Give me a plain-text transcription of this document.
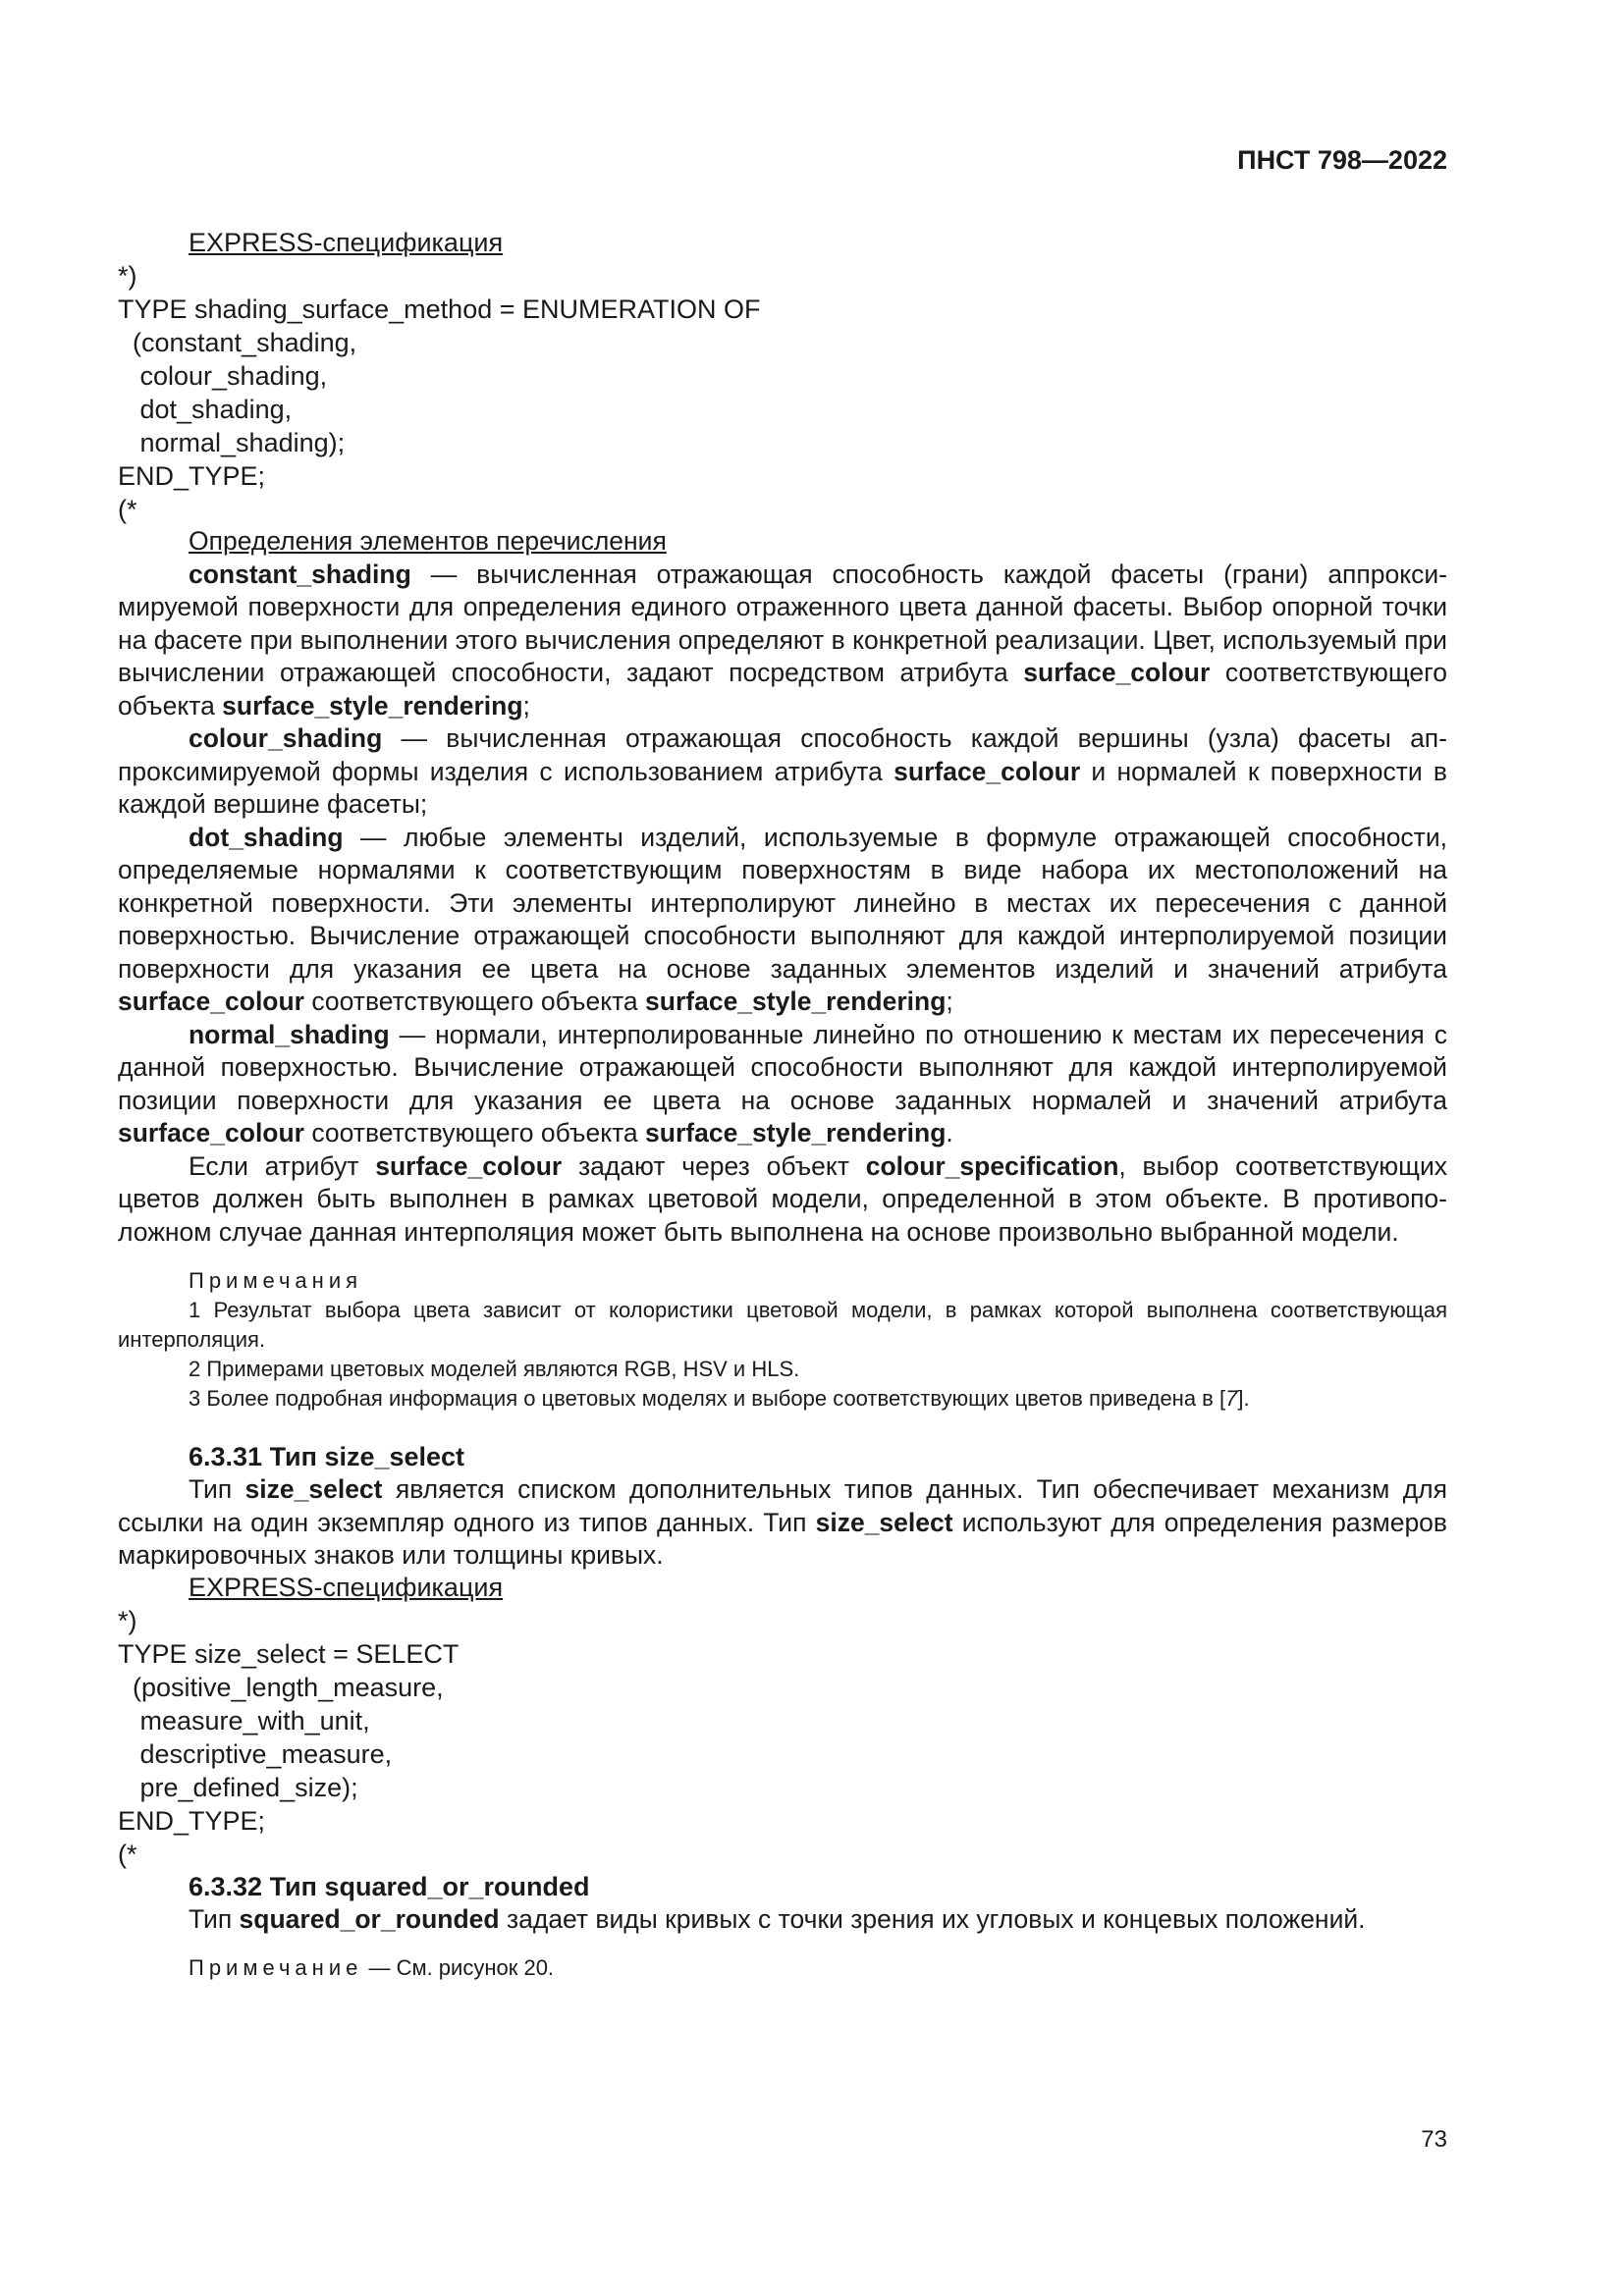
ПНСТ 798—2022
EXPRESS-спецификация
*)
TYPE shading_surface_method = ENUMERATION OF
(constant_shading,
colour_shading,
dot_shading,
normal_shading);
END_TYPE;
(*

Определения элементов перечисления

constant_shading — вычисленная отражающая способность каждой фасеты (грани) аппроксимируемой поверхности для определения единого отраженного цвета данной фасеты. Выбор опорной точки на фасете при выполнении этого вычисления определяют в конкретной реализации. Цвет, используемый при вычислении отражающей способности, задают посредством атрибута surface_colour соответствующего объекта surface_style_rendering;

colour_shading — вычисленная отражающая способность каждой вершины (узла) фасеты аппроксимируемой формы изделия с использованием атрибута surface_colour и нормалей к поверхности в каждой вершине фасеты;

dot_shading — любые элементы изделий, используемые в формуле отражающей способности, определяемые нормалями к соответствующим поверхностям в виде набора их местоположений на конкретной поверхности. Эти элементы интерполируют линейно в местах их пересечения с данной поверхностью. Вычисление отражающей способности выполняют для каждой интерполируемой позиции поверхности для указания ее цвета на основе заданных элементов изделий и значений атрибута surface_colour соответствующего объекта surface_style_rendering;

normal_shading — нормали, интерполированные линейно по отношению к местам их пересечения с данной поверхностью. Вычисление отражающей способности выполняют для каждой интерполируемой позиции поверхности для указания ее цвета на основе заданных нормалей и значений атрибута surface_colour соответствующего объекта surface_style_rendering.

Если атрибут surface_colour задают через объект colour_specification, выбор соответствующих цветов должен быть выполнен в рамках цветовой модели, определенной в этом объекте. В противоположном случае данная интерполяция может быть выполнена на основе произвольно выбранной модели.

Примечания

1 Результат выбора цвета зависит от колористики цветовой модели, в рамках которой выполнена соответствующая интерполяция.

2 Примерами цветовых моделей являются RGB, HSV и HLS.

3 Более подробная информация о цветовых моделях и выборе соответствующих цветов приведена в [7].

6.3.31 Тип size_select

Тип size_select является списком дополнительных типов данных. Тип обеспечивает механизм для ссылки на один экземпляр одного из типов данных. Тип size_select используют для определения размеров маркировочных знаков или толщины кривых.

EXPRESS-спецификация
*)
TYPE size_select = SELECT
(positive_length_measure,
measure_with_unit,
descriptive_measure,
pre_defined_size);
END_TYPE;
(*
6.3.32 Тип squared_or_rounded

Тип squared_or_rounded задает виды кривых с точки зрения их угловых и концевых положений.

Примечание — См. рисунок 20.

73
